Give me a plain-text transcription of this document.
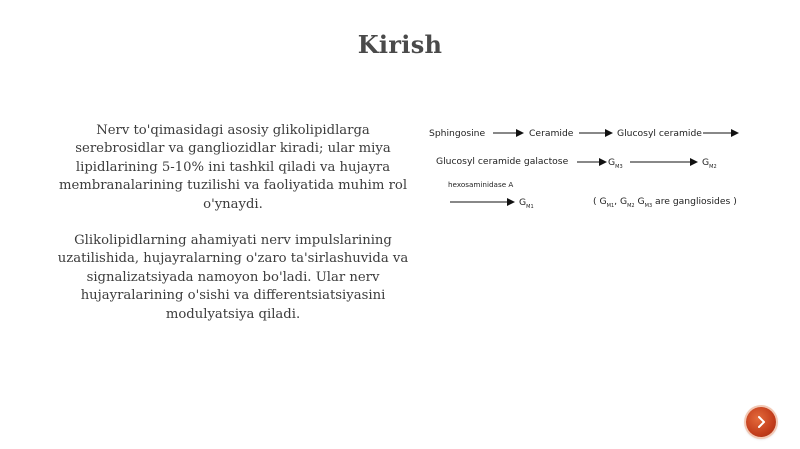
Kirish

Nerv to'qimasidagi asosiy glikolipidlarga serebrosidlar va gangliozidlar kiradi; ular miya lipidlarining 5-10% ini tashkil qiladi va hujayra membranalarining tuzilishi va faoliyatida muhim rol o'ynaydi.

Glikolipidlarning ahamiyati nerv impulslarining uzatilishida, hujayralarning o'zaro ta'sirlashuvida va signalizatsiyada namoyon bo'ladi. Ular nerv hujayralarining o'sishi va differentsiatsiyasini modulyatsiya qiladi.

Sphingosine	Ceramide	Glucosyl ceramide
Glucosyl ceramide galactose	$G_{M3}$	$G_{M2}$
hexosaminidase A
$G_{M1}$	( $G_{M1}$, $G_{M2}$ $G_{M3}$ are gangliosides )
